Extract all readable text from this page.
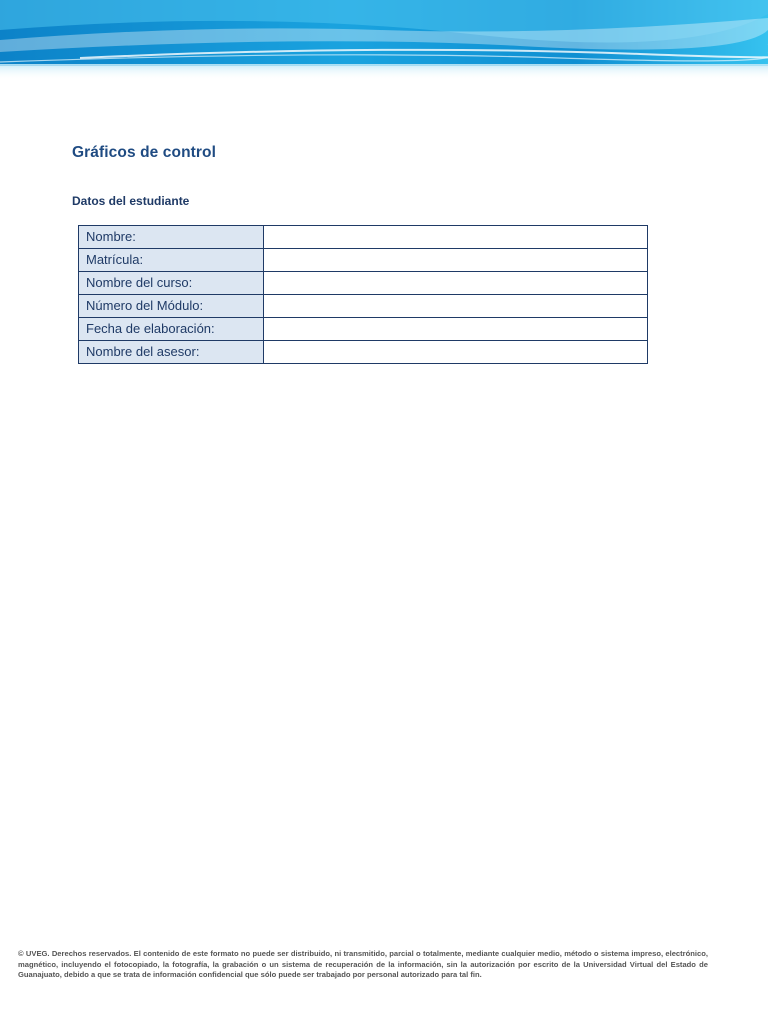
Gráficos de control
Datos del estudiante
Nombre:	
Matrícula:	
Nombre del curso:	
Número del Módulo:	
Fecha de elaboración:	
Nombre del asesor:	

© UVEG. Derechos reservados. El contenido de este formato no puede ser distribuido, ni transmitido, parcial o totalmente, mediante cualquier medio, método o sistema impreso, electrónico, magnético, incluyendo el fotocopiado, la fotografía, la grabación o un sistema de recuperación de la información, sin la autorización por escrito de la Universidad Virtual del Estado de Guanajuato, debido a que se trata de información confidencial que sólo puede ser trabajado por personal autorizado para tal fin.
